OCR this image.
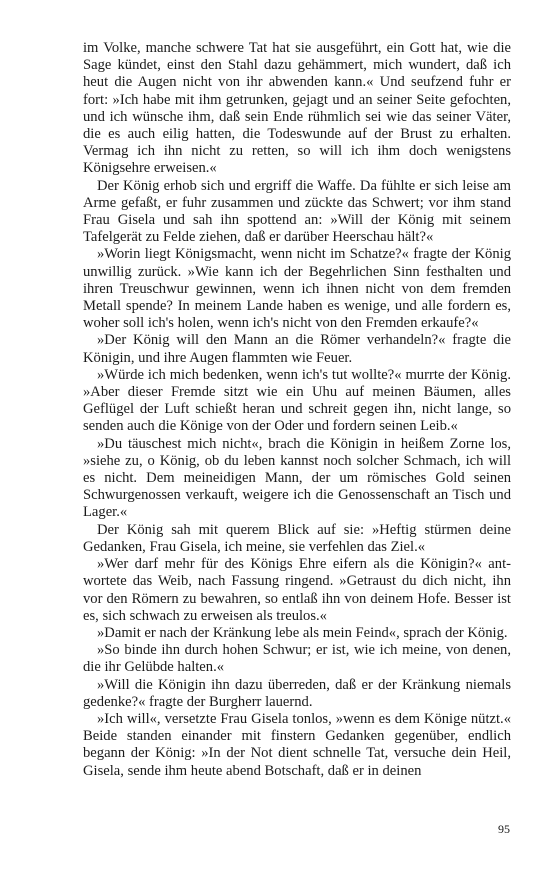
im Volke, manche schwere Tat hat sie ausgeführt, ein Gott hat, wie die Sage kündet, einst den Stahl dazu gehämmert, mich wundert, daß ich heut die Augen nicht von ihr abwenden kann.« Und seufzend fuhr er fort: »Ich habe mit ihm getrunken, gejagt und an seiner Seite gefochten, und ich wünsche ihm, daß sein Ende rühmlich sei wie das seiner Väter, die es auch eilig hatten, die Todeswunde auf der Brust zu erhalten. Vermag ich ihn nicht zu retten, so will ich ihm doch wenigstens Königsehre erweisen.«

Der König erhob sich und ergriff die Waffe. Da fühlte er sich leise am Arme gefaßt, er fuhr zusammen und zückte das Schwert; vor ihm stand Frau Gisela und sah ihn spottend an: »Will der König mit seinem Tafelgerät zu Felde ziehen, daß er darüber Heerschau hält?«

»Worin liegt Königsmacht, wenn nicht im Schatze?« fragte der König unwillig zurück. »Wie kann ich der Begehrlichen Sinn festhalten und ihren Treuschwur gewinnen, wenn ich ihnen nicht von dem fremden Metall spende? In meinem Lande haben es wenige, und alle fordern es, woher soll ich's holen, wenn ich's nicht von den Fremden erkaufe?«

»Der König will den Mann an die Römer verhandeln?« fragte die Königin, und ihre Augen flammten wie Feuer.

»Würde ich mich bedenken, wenn ich's tut wollte?« murrte der König. »Aber dieser Fremde sitzt wie ein Uhu auf meinen Bäumen, alles Geflügel der Luft schießt heran und schreit gegen ihn, nicht lange, so senden auch die Könige von der Oder und fordern seinen Leib.«

»Du täuschest mich nicht«, brach die Königin in heißem Zorne los, »siehe zu, o König, ob du leben kannst noch solcher Schmach, ich will es nicht. Dem meineidigen Mann, der um römisches Gold seinen Schwurgenossen verkauft, weigere ich die Genossenschaft an Tisch und Lager.«

Der König sah mit querem Blick auf sie: »Heftig stürmen deine Gedanken, Frau Gisela, ich meine, sie verfehlen das Ziel.«

»Wer darf mehr für des Königs Ehre eifern als die Königin?« antwortete das Weib, nach Fassung ringend. »Getraust du dich nicht, ihn vor den Römern zu bewahren, so entlaß ihn von deinem Hofe. Besser ist es, sich schwach zu erweisen als treulos.«

»Damit er nach der Kränkung lebe als mein Feind«, sprach der König.

»So binde ihn durch hohen Schwur; er ist, wie ich meine, von denen, die ihr Gelübde halten.«

»Will die Königin ihn dazu überreden, daß er der Kränkung niemals gedenke?« fragte der Burgherr lauernd.

»Ich will«, versetzte Frau Gisela tonlos, »wenn es dem Könige nützt.« Beide standen einander mit finstern Gedanken gegenüber, endlich begann der König: »In der Not dient schnelle Tat, versuche dein Heil, Gisela, sende ihm heute abend Botschaft, daß er in deinen

95
